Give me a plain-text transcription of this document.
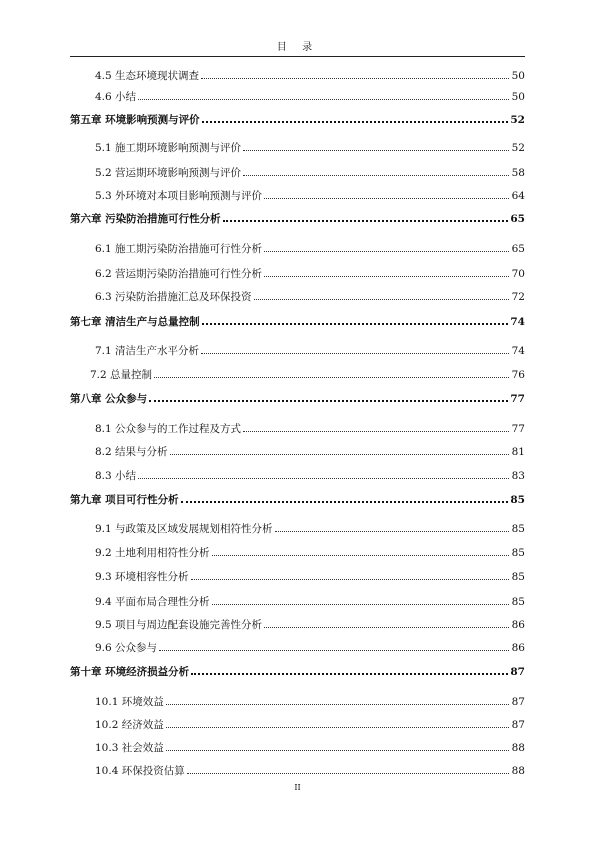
目 录
4.5 生态环境现状调查	50
4.6 小结	50
第五章 环境影响预测与评价	52
5.1 施工期环境影响预测与评价	52
5.2 营运期环境影响预测与评价	58
5.3 外环境对本项目影响预测与评价	64
第六章 污染防治措施可行性分析	65
6.1 施工期污染防治措施可行性分析	65
6.2 营运期污染防治措施可行性分析	70
6.3 污染防治措施汇总及环保投资	72
第七章 清洁生产与总量控制	74
7.1 清洁生产水平分析	74
7.2 总量控制	76
第八章 公众参与	77
8.1 公众参与的工作过程及方式	77
8.2 结果与分析	81
8.3 小结	83
第九章 项目可行性分析	85
9.1 与政策及区域发展规划相符性分析	85
9.2 土地利用相符性分析	85
9.3 环境相容性分析	85
9.4 平面布局合理性分析	85
9.5 项目与周边配套设施完善性分析	86
9.6 公众参与	86
第十章 环境经济损益分析	87
10.1 环境效益	87
10.2 经济效益	87
10.3 社会效益	88
10.4 环保投资估算	88
II
